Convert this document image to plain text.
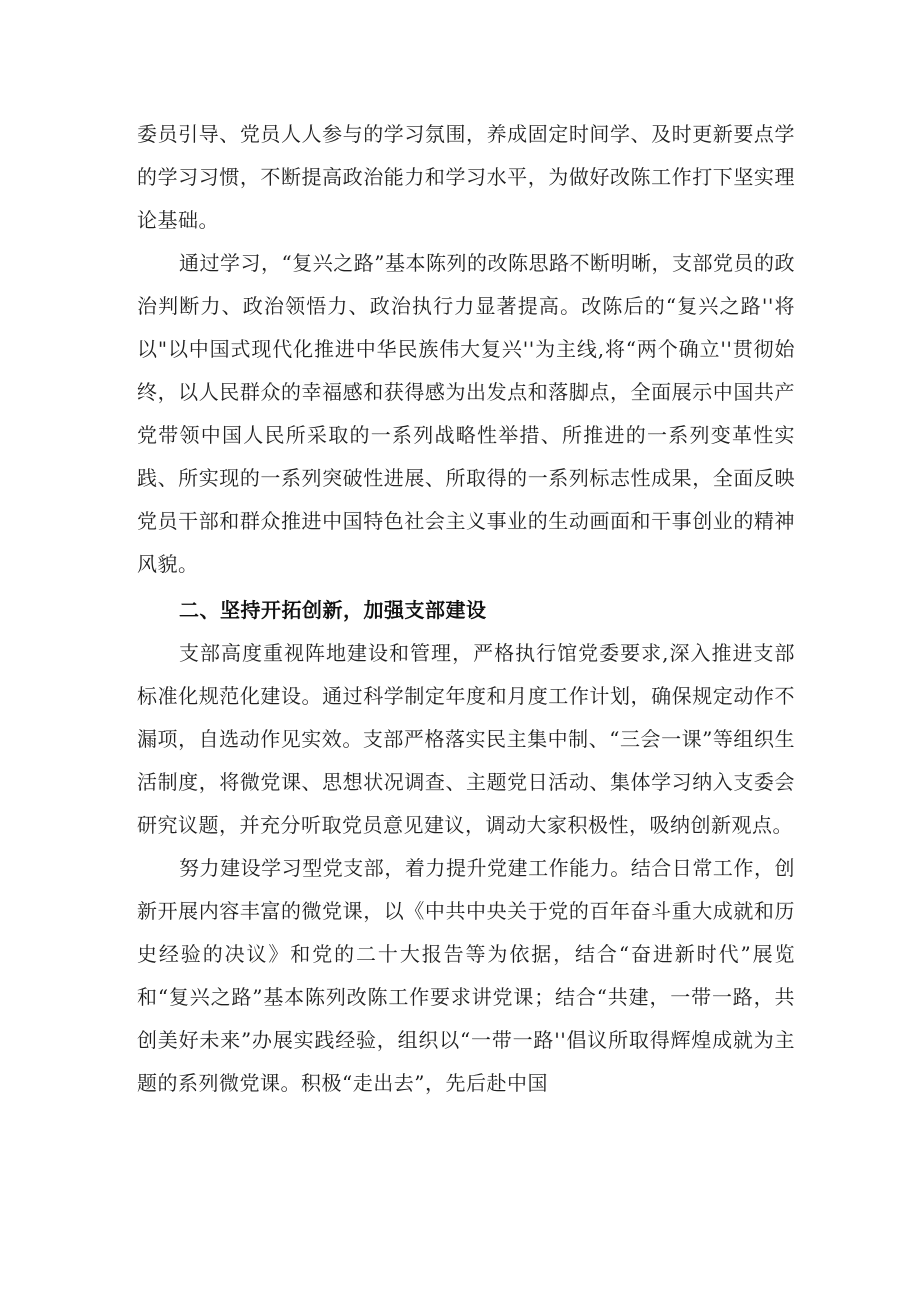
委员引导、党员人人参与的学习氛围，养成固定时间学、及时更新要点学的学习习惯，不断提高政治能力和学习水平，为做好改陈工作打下坚实理论基础。

通过学习，“复兴之路”基本陈列的改陈思路不断明晰，支部党员的政治判断力、政治领悟力、政治执行力显著提高。改陈后的“复兴之路''将以"以中国式现代化推进中华民族伟大复兴''为主线,将“两个确立''贯彻始终，以人民群众的幸福感和获得感为出发点和落脚点，全面展示中国共产党带领中国人民所采取的一系列战略性举措、所推进的一系列变革性实践、所实现的一系列突破性进展、所取得的一系列标志性成果，全面反映党员干部和群众推进中国特色社会主义事业的生动画面和干事创业的精神风貌。

二、坚持开拓创新，加强支部建设

支部高度重视阵地建设和管理，严格执行馆党委要求,深入推进支部标准化规范化建设。通过科学制定年度和月度工作计划，确保规定动作不漏项，自选动作见实效。支部严格落实民主集中制、“三会一课”等组织生活制度，将微党课、思想状况调查、主题党日活动、集体学习纳入支委会研究议题，并充分听取党员意见建议，调动大家积极性，吸纳创新观点。

努力建设学习型党支部，着力提升党建工作能力。结合日常工作，创新开展内容丰富的微党课，以《中共中央关于党的百年奋斗重大成就和历史经验的决议》和党的二十大报告等为依据，结合“奋进新时代”展览和“复兴之路”基本陈列改陈工作要求讲党课；结合“共建，一带一路，共创美好未来”办展实践经验，组织以“一带一路''倡议所取得辉煌成就为主题的系列微党课。积极“走出去”，先后赴中国
